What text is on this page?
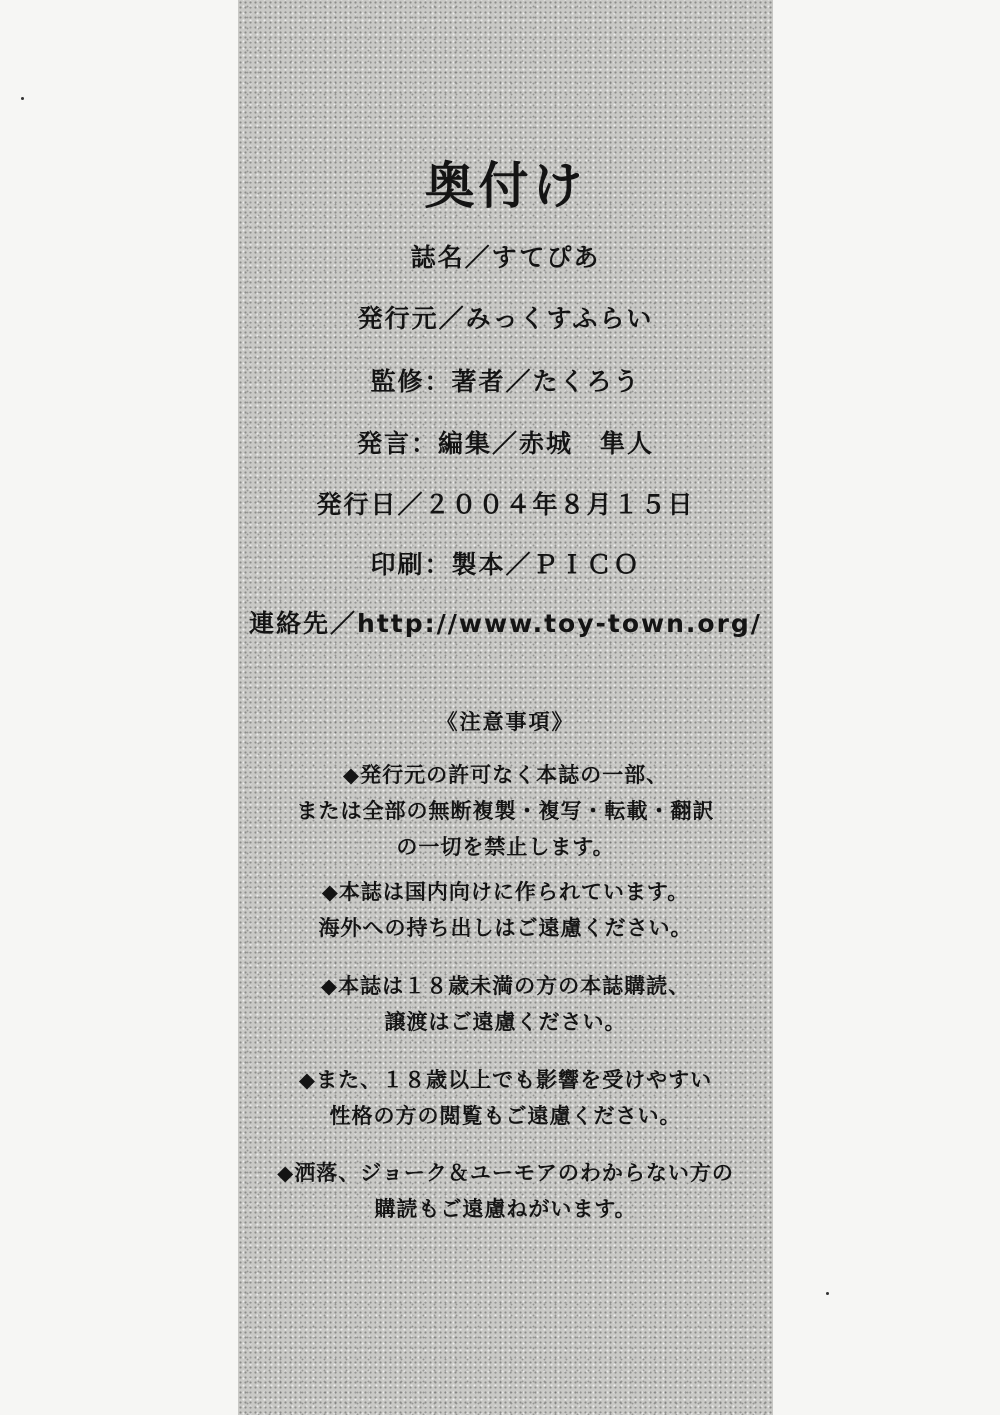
奥付け
誌名／すてぴあ
発行元／みっくすふらい
監修：著者／たくろう
発言：編集／赤城　隼人
発行日／２００４年８月１５日
印刷：製本／ＰＩＣＯ
連絡先／http://www.toy-town.org/
《注意事項》
◆発行元の許可なく本誌の一部、
または全部の無断複製・複写・転載・翻訳
の一切を禁止します。
◆本誌は国内向けに作られています。
海外への持ち出しはご遠慮ください。
◆本誌は１８歳未満の方の本誌購読、
譲渡はご遠慮ください。
◆また、１８歳以上でも影響を受けやすい
性格の方の閲覧もご遠慮ください。
◆洒落、ジョーク＆ユーモアのわからない方の
購読もご遠慮ねがいます。
